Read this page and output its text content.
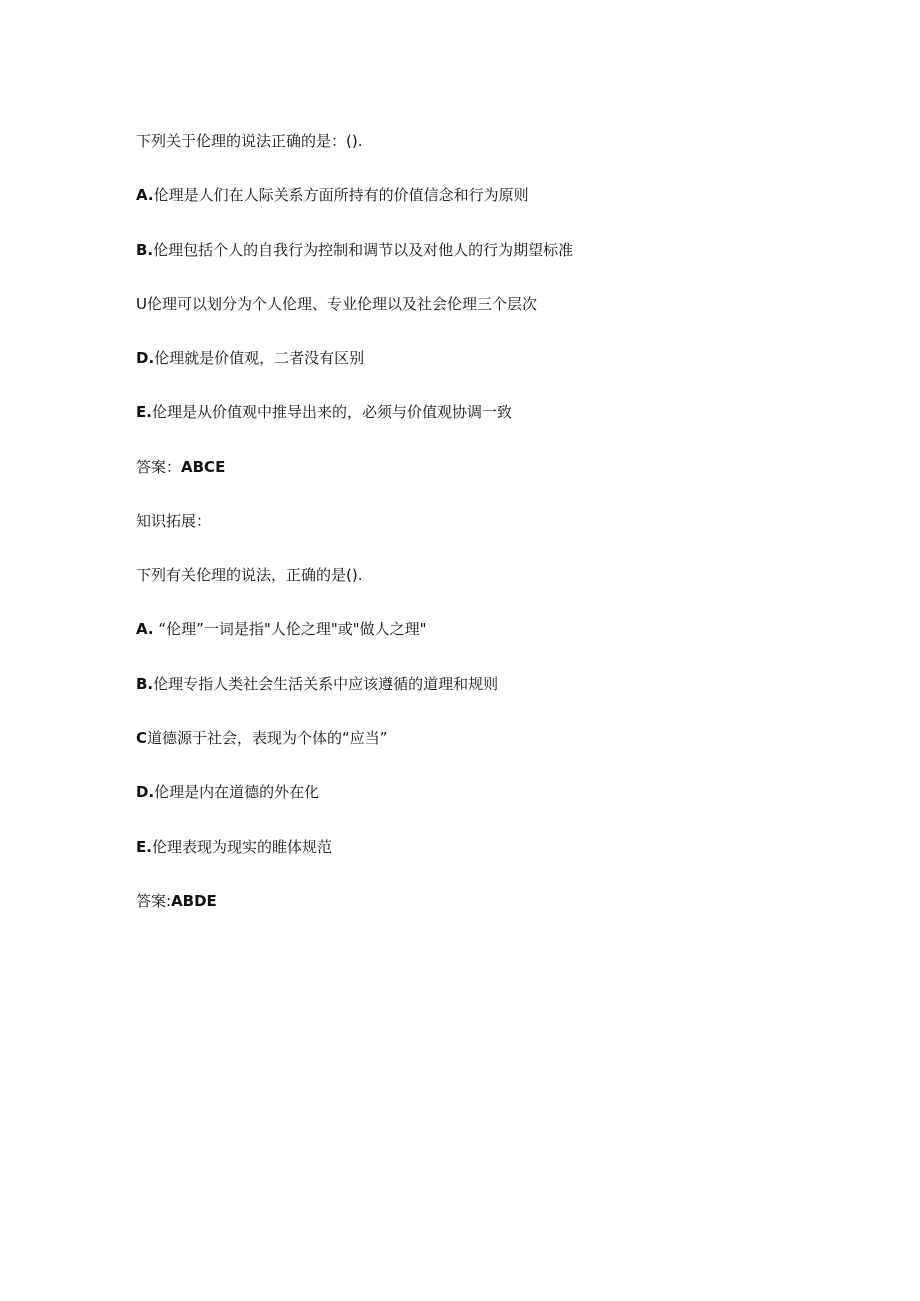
下列关于伦理的说法正确的是：().
A.伦理是人们在人际关系方面所持有的价值信念和行为原则
B.伦理包括个人的自我行为控制和调节以及对他人的行为期望标准
U伦理可以划分为个人伦理、专业伦理以及社会伦理三个层次
D.伦理就是价值观，二者没有区别
E.伦理是从价值观中推导出来的，必须与价值观协调一致
答案：ABCE
知识拓展：
下列有关伦理的说法，正确的是().
A. “伦理”一词是指"人伦之理"或"做人之理"
B.伦理专指人类社会生活关系中应该遵循的道理和规则
C道德源于社会，表现为个体的“应当”
D.伦理是内在道德的外在化
E.伦理表现为现实的睢体规范
答案:ABDE
